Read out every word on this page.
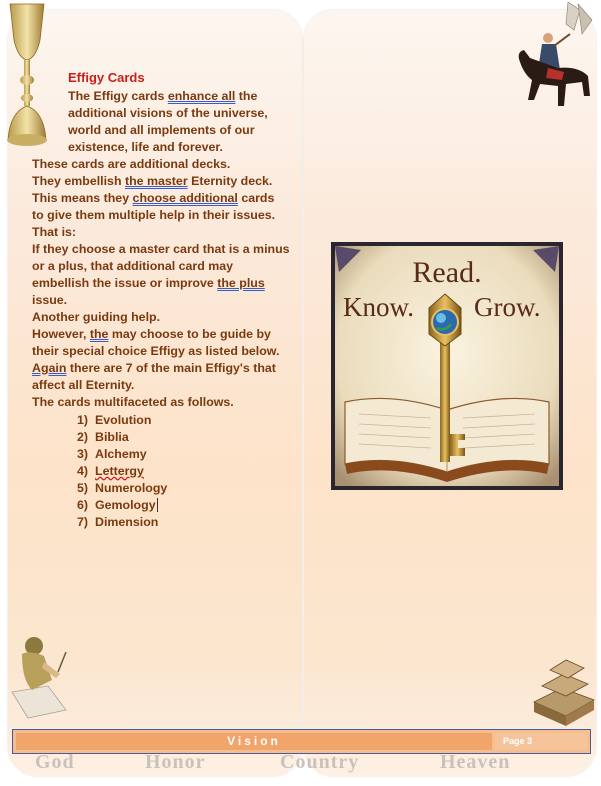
Effigy Cards
The Effigy cards enhance all the
additional visions of the universe,
world and all implements of our
existence, life and forever.
These cards are additional decks.
They embellish the master Eternity deck.
This means they choose additional cards
to give them multiple help in their issues.
That is:
If they choose a master card that is a minus
or a plus, that additional card may
embellish the issue or improve the plus
issue.
Another guiding help.
However, the may choose to be guide by
their special choice Effigy as listed below.
Again there are 7 of the main Effigy's that
affect all Eternity.
The cards multifaceted as follows.
1) Evolution
2) Biblia
3) Alchemy
4) Lettergy
5) Numerology
6) Gemology
7) Dimension
Read.
Know. Grow.
Vision	Page 3
God	Honor	Country	Heaven
